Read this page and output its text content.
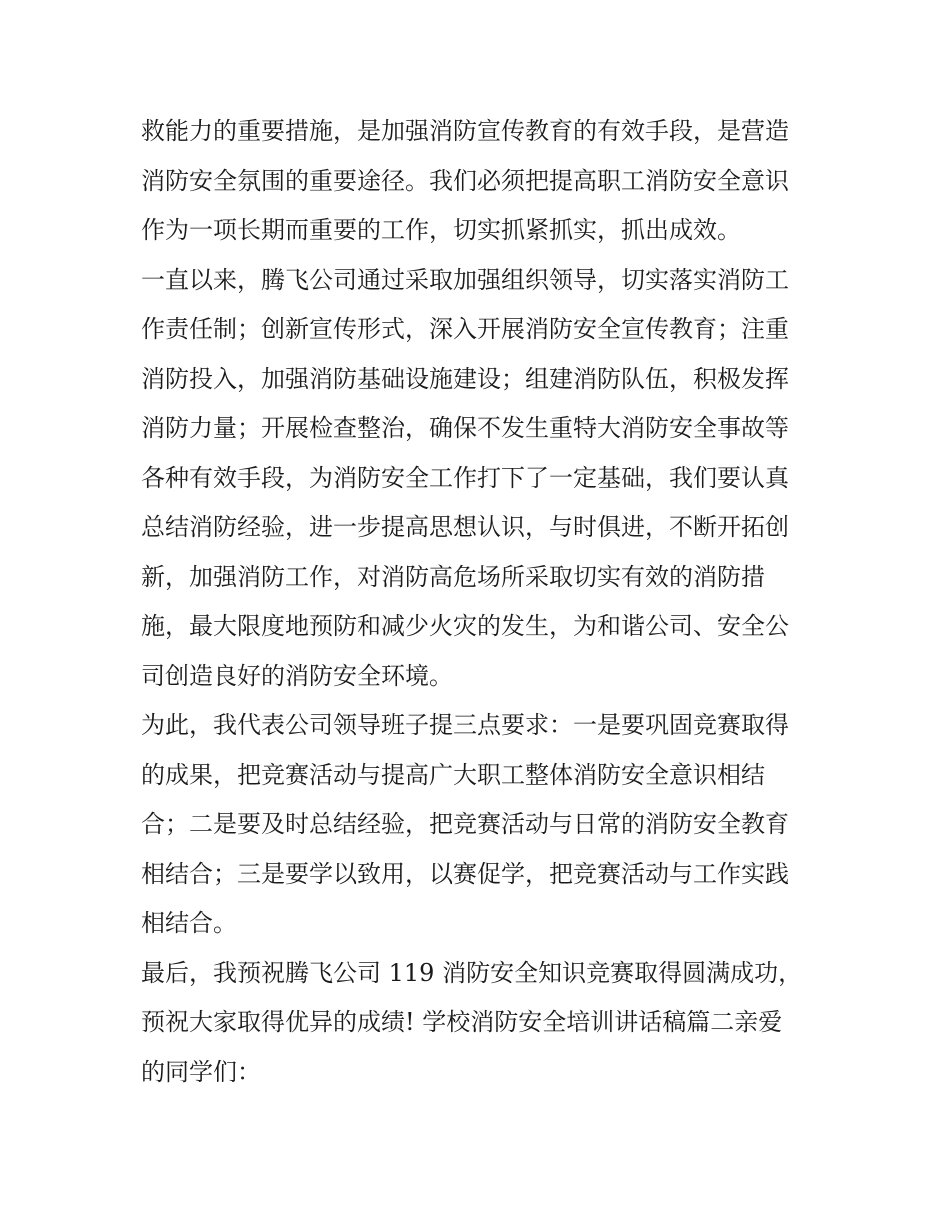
救能力的重要措施，是加强消防宣传教育的有效手段，是营造
消防安全氛围的重要途径。我们必须把提高职工消防安全意识
作为一项长期而重要的工作，切实抓紧抓实，抓出成效。
一直以来，腾飞公司通过采取加强组织领导，切实落实消防工
作责任制；创新宣传形式，深入开展消防安全宣传教育；注重
消防投入，加强消防基础设施建设；组建消防队伍，积极发挥
消防力量；开展检查整治，确保不发生重特大消防安全事故等
各种有效手段，为消防安全工作打下了一定基础，我们要认真
总结消防经验，进一步提高思想认识，与时俱进，不断开拓创
新，加强消防工作，对消防高危场所采取切实有效的消防措
施，最大限度地预防和减少火灾的发生，为和谐公司、安全公
司创造良好的消防安全环境。
为此，我代表公司领导班子提三点要求：一是要巩固竞赛取得
的成果，把竞赛活动与提高广大职工整体消防安全意识相结
合；二是要及时总结经验，把竞赛活动与日常的消防安全教育
相结合；三是要学以致用，以赛促学，把竞赛活动与工作实践
相结合。
最后，我预祝腾飞公司 119 消防安全知识竞赛取得圆满成功，
预祝大家取得优异的成绩! 学校消防安全培训讲话稿篇二亲爱
的同学们：
